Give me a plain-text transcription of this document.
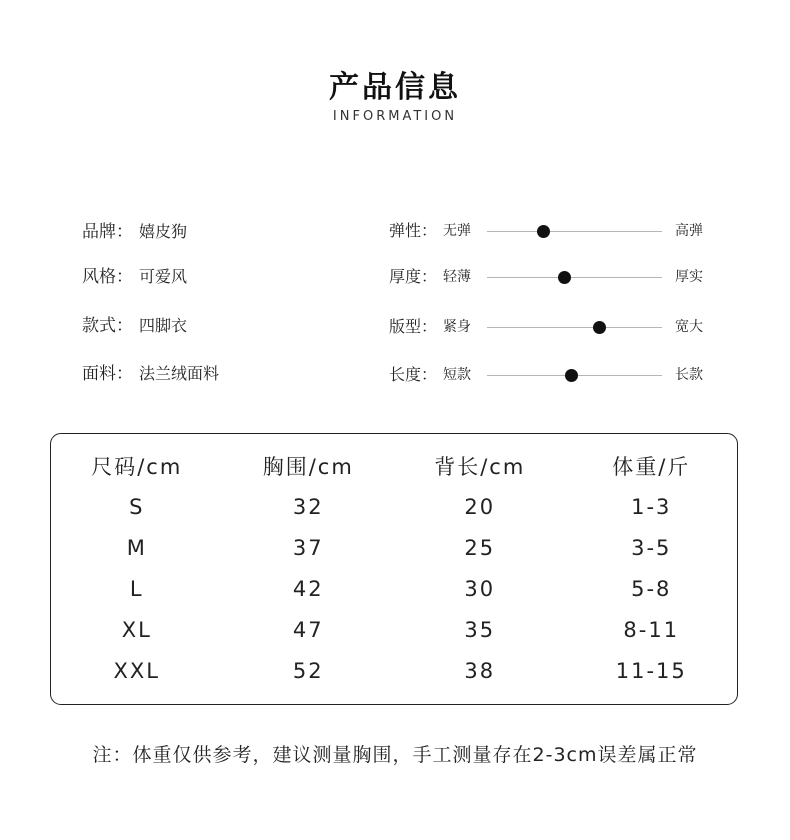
产品信息
INFORMATION
品牌： 嬉皮狗
风格： 可爱风
款式： 四脚衣
面料： 法兰绒面料
弹性： 无弹	高弹
厚度： 轻薄	厚实
版型： 紧身	宽大
长度： 短款	长款
尺码/cm	胸围/cm	背长/cm	体重/斤
S	32	20	1-3
M	37	25	3-5
L	42	30	5-8
XL	47	35	8-11
XXL	52	38	11-15
注：体重仅供参考，建议测量胸围，手工测量存在2-3cm误差属正常
